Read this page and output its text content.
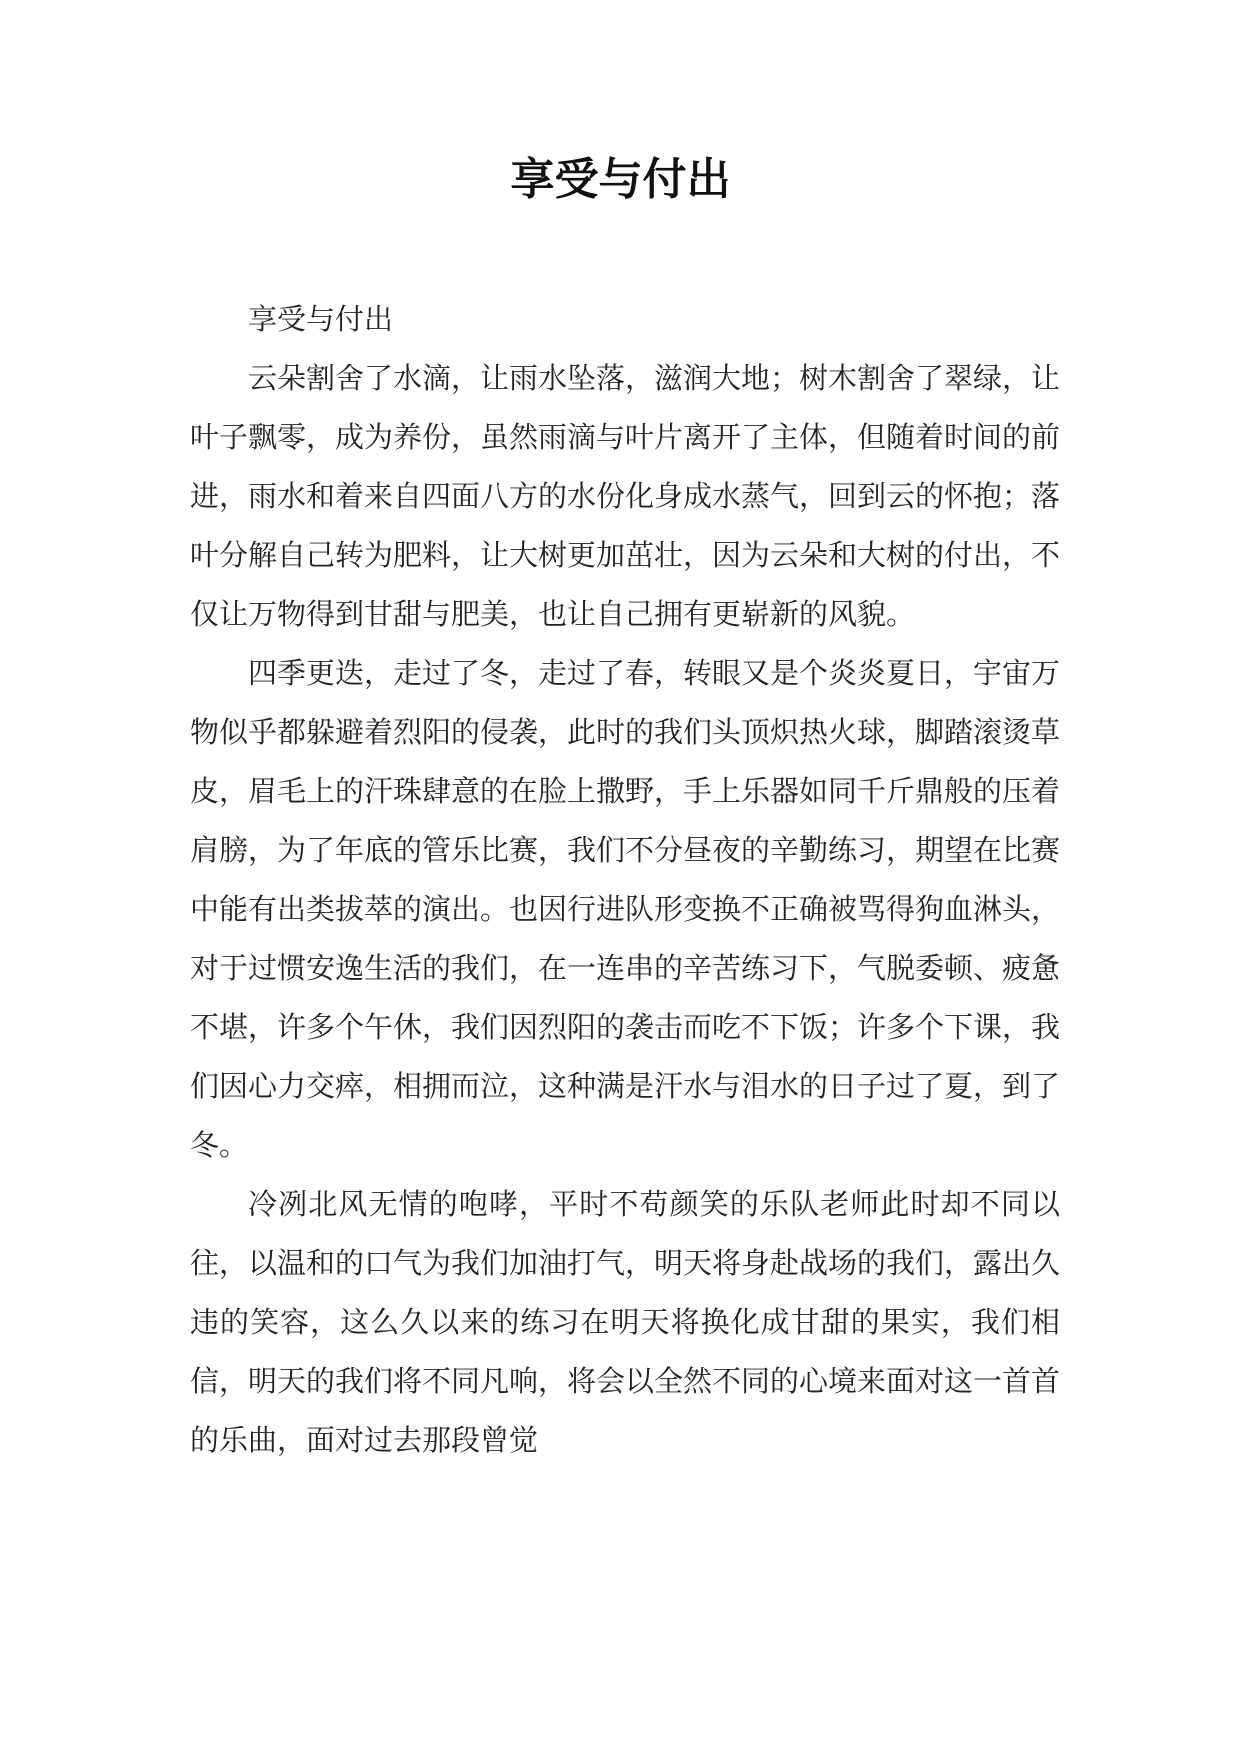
享受与付出

享受与付出

云朵割舍了水滴，让雨水坠落，滋润大地；树木割舍了翠绿，让叶子飘零，成为养份，虽然雨滴与叶片离开了主体，但随着时间的前进，雨水和着来自四面八方的水份化身成水蒸气，回到云的怀抱；落叶分解自己转为肥料，让大树更加茁壮，因为云朵和大树的付出，不仅让万物得到甘甜与肥美，也让自己拥有更崭新的风貌。

四季更迭，走过了冬，走过了春，转眼又是个炎炎夏日，宇宙万物似乎都躲避着烈阳的侵袭，此时的我们头顶炽热火球，脚踏滚烫草皮，眉毛上的汗珠肆意的在脸上撒野，手上乐器如同千斤鼎般的压着肩膀，为了年底的管乐比赛，我们不分昼夜的辛勤练习，期望在比赛中能有出类拔萃的演出。也因行进队形变换不正确被骂得狗血淋头，对于过惯安逸生活的我们，在一连串的辛苦练习下，气脱委顿、疲惫不堪，许多个午休，我们因烈阳的袭击而吃不下饭；许多个下课，我们因心力交瘁，相拥而泣，这种满是汗水与泪水的日子过了夏，到了冬。

冷冽北风无情的咆哮，平时不苟颜笑的乐队老师此时却不同以往，以温和的口气为我们加油打气，明天将身赴战场的我们，露出久违的笑容，这么久以来的练习在明天将换化成甘甜的果实，我们相信，明天的我们将不同凡响，将会以全然不同的心境来面对这一首首的乐曲，面对过去那段曾觉
